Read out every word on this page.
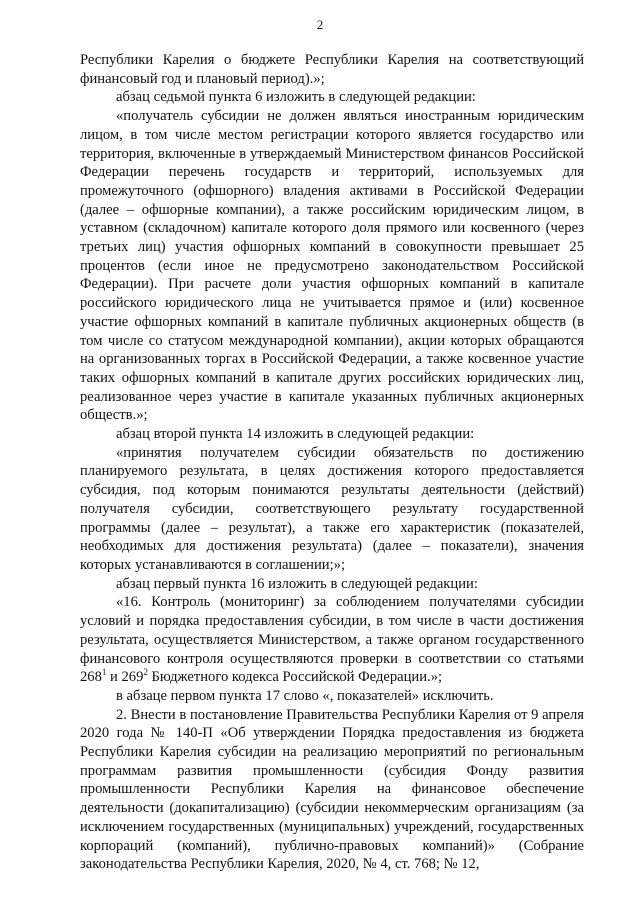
2

Республики Карелия о бюджете Республики Карелия на соответствующий финансовый год и плановый период).»;

абзац седьмой пункта 6 изложить в следующей редакции:

«получатель субсидии не должен являться иностранным юридическим лицом, в том числе местом регистрации которого является государство или территория, включенные в утверждаемый Министерством финансов Российской Федерации перечень государств и территорий, используемых для промежуточного (офшорного) владения активами в Российской Федерации (далее – офшорные компании), а также российским юридическим лицом, в уставном (складочном) капитале которого доля прямого или косвенного (через третьих лиц) участия офшорных компаний в совокупности превышает 25 процентов (если иное не предусмотрено законодательством Российской Федерации). При расчете доли участия офшорных компаний в капитале российского юридического лица не учитывается прямое и (или) косвенное участие офшорных компаний в капитале публичных акционерных обществ (в том числе со статусом международной компании), акции которых обращаются на организованных торгах в Российской Федерации, а также косвенное участие таких офшорных компаний в капитале других российских юридических лиц, реализованное через участие в капитале указанных публичных акционерных обществ.»;

абзац второй пункта 14 изложить в следующей редакции:

«принятия получателем субсидии обязательств по достижению планируемого результата, в целях достижения которого предоставляется субсидия, под которым понимаются результаты деятельности (действий) получателя субсидии, соответствующего результату государственной программы (далее – результат), а также его характеристик (показателей, необходимых для достижения результата) (далее – показатели), значения которых устанавливаются в соглашении;»;

абзац первый пункта 16 изложить в следующей редакции:

«16. Контроль (мониторинг) за соблюдением получателями субсидии условий и порядка предоставления субсидии, в том числе в части достижения результата, осуществляется Министерством, а также органом государственного финансового контроля осуществляются проверки в соответствии со статьями $268^1$ и $269^2$ Бюджетного кодекса Российской Федерации.»;

в абзаце первом пункта 17 слово «, показателей» исключить.

2. Внести в постановление Правительства Республики Карелия от 9 апреля 2020 года № 140-П «Об утверждении Порядка предоставления из бюджета Республики Карелия субсидии на реализацию мероприятий по региональным программам развития промышленности (субсидия Фонду развития промышленности Республики Карелия на финансовое обеспечение деятельности (докапитализацию) (субсидии некоммерческим организациям (за исключением государственных (муниципальных) учреждений, государственных корпораций (компаний), публично-правовых компаний)» (Собрание законодательства Республики Карелия, 2020, № 4, ст. 768; № 12,
